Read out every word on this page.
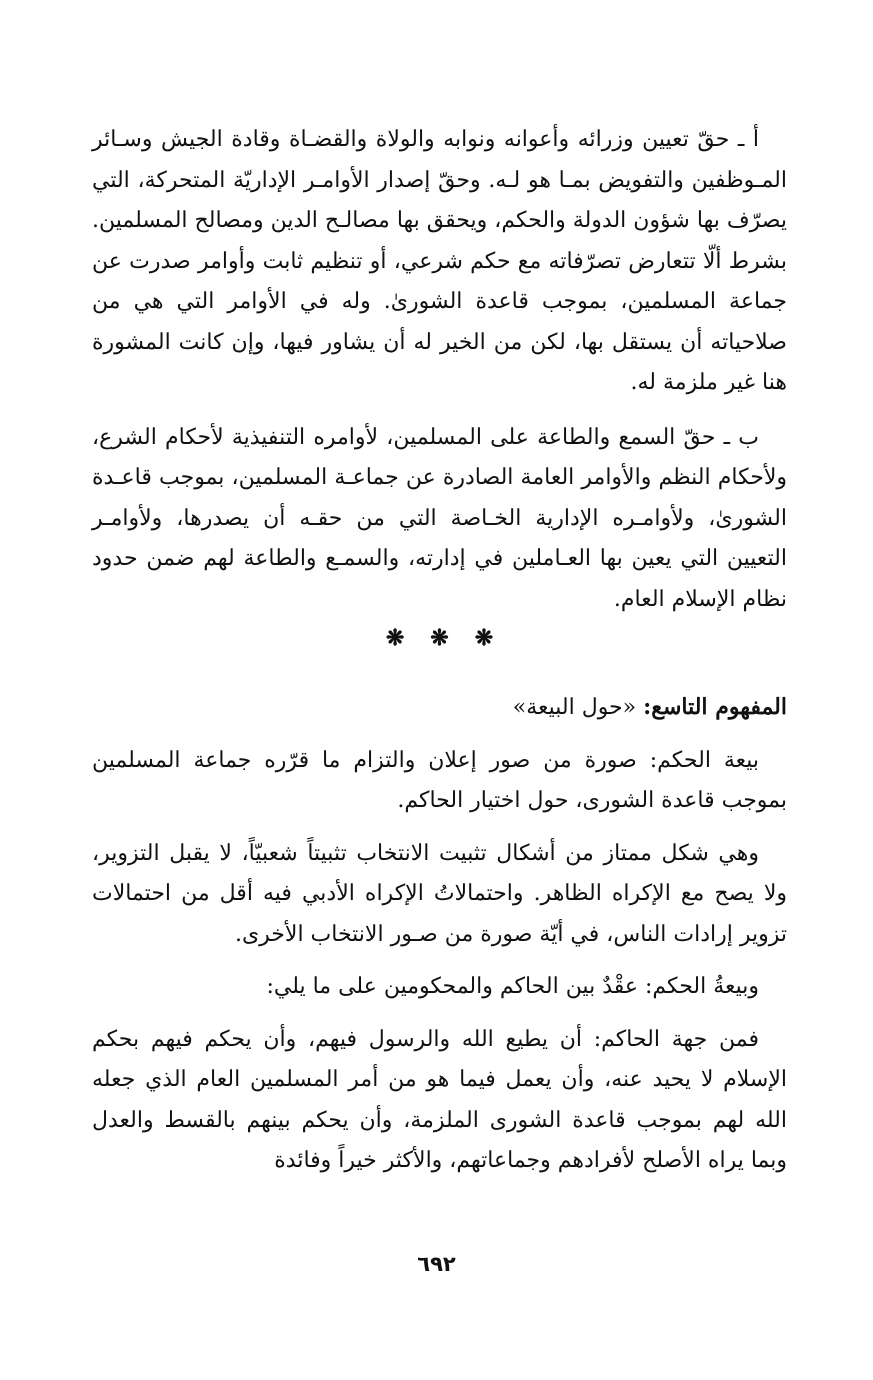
أ ـ حقّ تعيين وزرائه وأعوانه ونوابه والولاة والقضـاة وقادة الجيش وسـائر المـوظفين والتفويض بمـا هو لـه. وحقّ إصدار الأوامـر الإداريّة المتحركة، التي يصرّف بها شؤون الدولة والحكم، ويحقق بها مصالـح الدين ومصالح المسلمين. بشرط ألّا تتعارض تصرّفاته مع حكم شرعي، أو تنظيم ثابت وأوامر صدرت عن جماعة المسلمين، بموجب قاعدة الشورىٰ. وله في الأوامر التي هي من صلاحياته أن يستقل بها، لكن من الخير له أن يشاور فيها، وإن كانت المشورة هنا غير ملزمة له.

ب ـ حقّ السمع والطاعة على المسلمين، لأوامره التنفيذية لأحكام الشرع، ولأحكام النظم والأوامر العامة الصادرة عن جماعـة المسلمين، بموجب قاعـدة الشورىٰ، ولأوامـره الإدارية الخـاصة التي من حقـه أن يصدرها، ولأوامـر التعيين التي يعين بها العـاملين في إدارته، والسمـع والطاعة لهم ضمن حدود نظام الإسلام العام.

❋❋❋
المفهوم التاسع: «حول البيعة»

بيعة الحكم: صورة من صور إعلان والتزام ما قرّره جماعة المسلمين بموجب قاعدة الشورى، حول اختيار الحاكم.

وهي شكل ممتاز من أشكال تثبيت الانتخاب تثبيتاً شعبيّاً، لا يقبل التزوير، ولا يصح مع الإكراه الظاهر. واحتمالاتُ الإكراه الأدبي فيه أقل من احتمالات تزوير إرادات الناس، في أيّة صورة من صـور الانتخاب الأخرى.

وبيعةُ الحكم: عقْدٌ بين الحاكم والمحكومين على ما يلي:

فمن جهة الحاكم: أن يطيع الله والرسول فيهم، وأن يحكم فيهم بحكم الإسلام لا يحيد عنه، وأن يعمل فيما هو من أمر المسلمين العام الذي جعله الله لهم بموجب قاعدة الشورى الملزمة، وأن يحكم بينهم بالقسط والعدل وبما يراه الأصلح لأفرادهم وجماعاتهم، والأكثر خيراً وفائدة

٦٩٢
